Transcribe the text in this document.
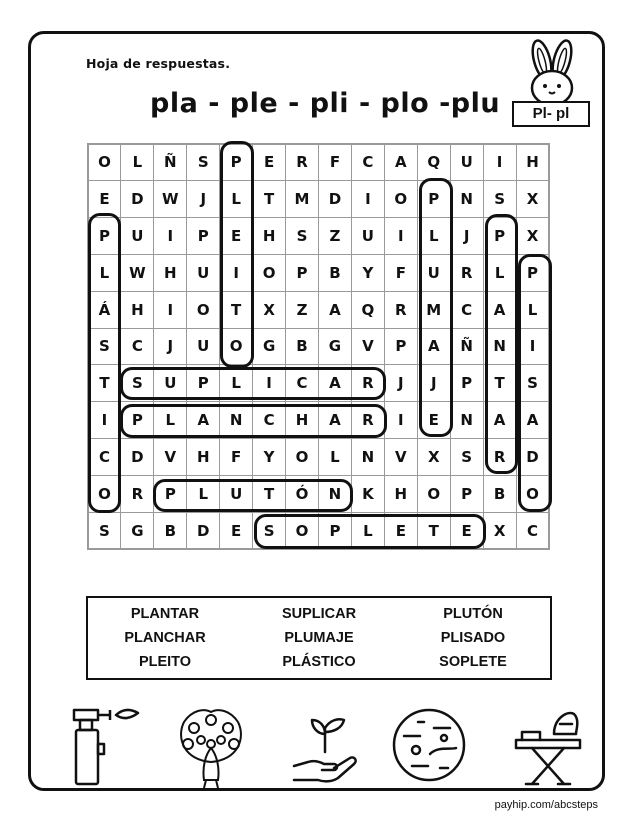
Hoja de respuestas.
pla - ple - pli - plo -plu	Pl- pl
O	L	Ñ	S	P	E	R	F	C	A	Q	U	I	H
E	D	W	J	L	T	M	D	I	O	P	N	S	X
P	U	I	P	E	H	S	Z	U	I	L	J	P	X
L	W	H	U	I	O	P	B	Y	F	U	R	L	P
Á	H	I	O	T	X	Z	A	Q	R	M	C	A	L
S	C	J	U	O	G	B	G	V	P	A	Ñ	N	I
T	S	U	P	L	I	C	A	R	J	J	P	T	S
I	P	L	A	N	C	H	A	R	I	E	N	A	A
C	D	V	H	F	Y	O	L	N	V	X	S	R	D
O	R	P	L	U	T	Ó	N	K	H	O	P	B	O
S	G	B	D	E	S	O	P	L	E	T	E	X	C
PLANTAR	SUPLICAR	PLUTÓN
PLANCHAR	PLUMAJE	PLISADO
PLEITO	PLÁSTICO	SOPLETE
payhip.com/abcsteps
